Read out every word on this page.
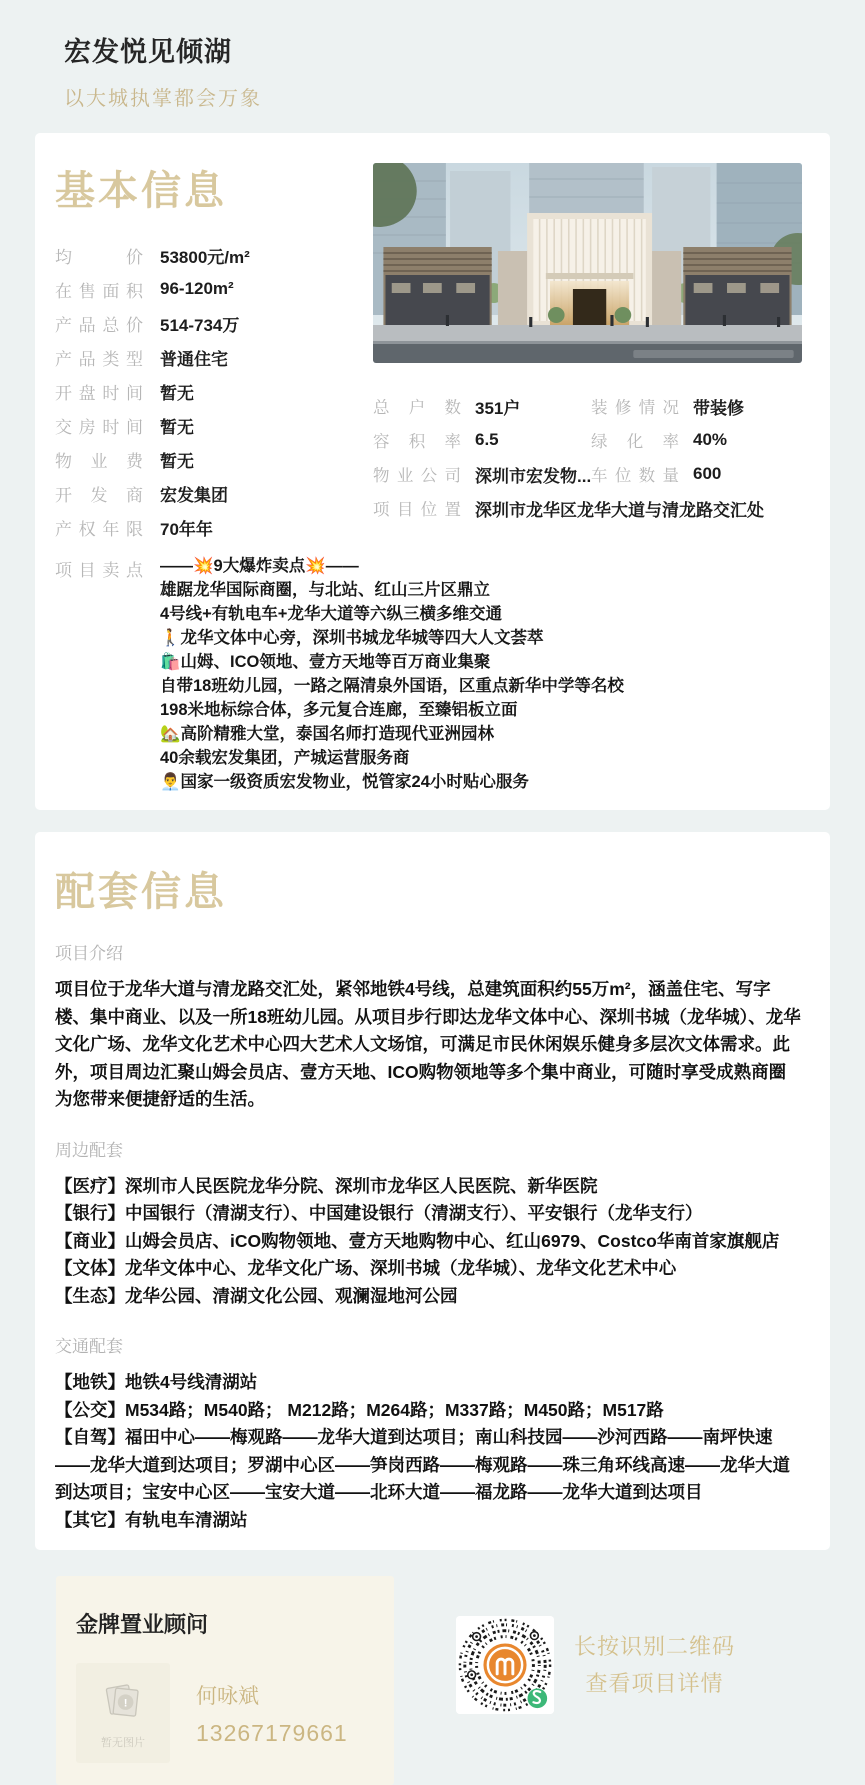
宏发悦见倾湖
以大城执掌都会万象
基本信息
均价 53800元/m²
在售面积 96-120m²
产品总价 514-734万
产品类型 普通住宅
开盘时间 暂无
交房时间 暂无
物业费 暂无
开发商 宏发集团
产权年限 70年年
总户数 351户	装修情况 带装修
容积率 6.5	绿化率 40%
物业公司 深圳市宏发物... 车位数量 600
项目位置 深圳市龙华区龙华大道与清龙路交汇处
项目卖点 ——💥9大爆炸卖点💥——
雄踞龙华国际商圈，与北站、红山三片区鼎立
4号线+有轨电车+龙华大道等六纵三横多维交通
🚶龙华文体中心旁，深圳书城龙华城等四大人文荟萃
🛍️山姆、ICO领地、壹方天地等百万商业集聚
自带18班幼儿园，一路之隔清泉外国语，区重点新华中学等名校
198米地标综合体，多元复合连廊，至臻铝板立面
🏡高阶精雅大堂，泰国名师打造现代亚洲园林
40余载宏发集团，产城运营服务商
👨‍💼国家一级资质宏发物业，悦管家24小时贴心服务
配套信息
项目介绍
项目位于龙华大道与清龙路交汇处，紧邻地铁4号线，总建筑面积约55万m²，涵盖住宅、写字楼、集中商业、以及一所18班幼儿园。从项目步行即达龙华文体中心、深圳书城（龙华城）、龙华文化广场、龙华文化艺术中心四大艺术人文场馆，可满足市民休闲娱乐健身多层次文体需求。此外，项目周边汇聚山姆会员店、壹方天地、ICO购物领地等多个集中商业，可随时享受成熟商圈为您带来便捷舒适的生活。
周边配套
【医疗】深圳市人民医院龙华分院、深圳市龙华区人民医院、新华医院
【银行】中国银行（清湖支行）、中国建设银行（清湖支行）、平安银行（龙华支行）
【商业】山姆会员店、iCO购物领地、壹方天地购物中心、红山6979、Costco华南首家旗舰店
【文体】龙华文体中心、龙华文化广场、深圳书城（龙华城）、龙华文化艺术中心
【生态】龙华公园、清湖文化公园、观澜湿地河公园
交通配套
【地铁】地铁4号线清湖站
【公交】M534路；M540路； M212路；M264路；M337路；M450路；M517路
【自驾】福田中心——梅观路——龙华大道到达项目；南山科技园——沙河西路——南坪快速——龙华大道到达项目；罗湖中心区——笋岗西路——梅观路——珠三角环线高速——龙华大道到达项目；宝安中心区——宝安大道——北环大道——福龙路——龙华大道到达项目
【其它】有轨电车清湖站
金牌置业顾问
!
暂无图片
何咏斌
13267179661
长按识别二维码
查看项目详情
